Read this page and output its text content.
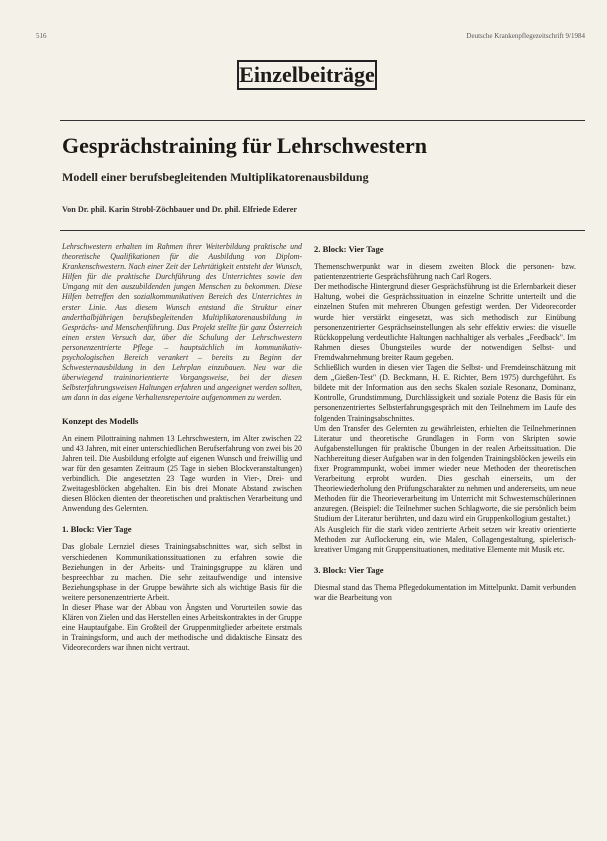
516	Deutsche Krankenpflegezeitschrift 9/1984
Einzelbeiträge
Gesprächstraining für Lehrschwestern
Modell einer berufsbegleitenden Multiplikatorenausbildung
Von Dr. phil. Karin Strobl-Zöchbauer und Dr. phil. Elfriede Ederer

Lehrschwestern erhalten im Rahmen ihrer Weiterbildung praktische und theoretische Qualifikationen für die Ausbildung von Diplom-Krankenschwestern. Nach einer Zeit der Lehrtätigkeit entsteht der Wunsch, Hilfen für die praktische Durchführung des Unterrichtes sowie den Umgang mit den auszubildenden jungen Menschen zu bekommen. Diese Hilfen betreffen den sozialkommunikativen Bereich des Unterrichtes in erster Linie. Aus diesem Wunsch entstand die Struktur einer anderthalbjährigen berufsbegleitenden Multiplikatorenausbildung in Gesprächs- und Menschenführung. Das Projekt stellte für ganz Österreich einen ersten Versuch dar, über die Schulung der Lehrschwestern personenzentrierte Pflege – hauptsächlich im kommunikativ-psychologischen Bereich verankert – bereits zu Beginn der Schwesternausbildung in den Lehrplan einzubauen. Neu war die überwiegend traininorientierte Vorgangsweise, bei der diesen Selbsterfahrungsweisen Haltungen erfahren und angeeignet werden sollten, um dann in das eigene Verhaltensrepertoire aufgenommen zu werden.

Konzept des Modells

An einem Pilottraining nahmen 13 Lehrschwestern, im Alter zwischen 22 und 43 Jahren, mit einer unterschiedlichen Berufserfahrung von zwei bis 20 Jahren teil. Die Ausbildung erfolgte auf eigenen Wunsch und freiwillig und war für den gesamten Zeitraum (25 Tage in sieben Blockveranstaltungen) verbindlich. Die angesetzten 23 Tage wurden in Vier-, Drei- und Zweitagesblöcken abgehalten. Ein bis drei Monate Abstand zwischen diesen Blöcken dienten der theoretischen und praktischen Verarbeitung und Anwendung des Gelernten.

1. Block: Vier Tage

Das globale Lernziel dieses Trainingsabschnittes war, sich selbst in verschiedenen Kommunikationssituationen zu erfahren sowie die Beziehungen in der Arbeits- und Trainingsgruppe zu klären und bespreechbar zu machen. Die sehr zeitaufwendige und intensive Beziehungsphase in der Gruppe bewährte sich als wichtige Basis für die weitere personenzentrierte Arbeit.

In dieser Phase war der Abbau von Ängsten und Vorurteilen sowie das Klären von Zielen und das Herstellen eines Arbeitskontraktes in der Gruppe eine Hauptaufgabe. Ein Großteil der Gruppenmitglieder arbeitete erstmals in Trainingsform, und auch der methodische und didaktische Einsatz des Videorecorders war ihnen nicht vertraut.

2. Block: Vier Tage

Themenschwerpunkt war in diesem zweiten Block die personen- bzw. patientenzentrierte Gesprächsführung nach Carl Rogers.

Der methodische Hintergrund dieser Gesprächsführung ist die Erlernbarkeit dieser Haltung, wobei die Gesprächssituation in einzelne Schritte unterteilt und die einzelnen Stufen mit mehreren Übungen gefestigt werden. Der Videorecorder wurde hier verstärkt eingesetzt, was sich methodisch zur Einübung personenzentrierter Gesprächseinstellungen als sehr effektiv erwies: die visuelle Rückkoppelung verdeutlichte Haltungen nachhaltiger als verbales „Feedback". Im Rahmen dieses Übungsteiles wurde der notwendigen Selbst- und Fremdwahrnehmung breiter Raum gegeben.

Schließlich wurden in diesen vier Tagen die Selbst- und Fremdeinschätzung mit dem „Gießen-Test" (D. Beckmann, H. E. Richter, Bern 1975) durchgeführt. Es bildete mit der Information aus den sechs Skalen soziale Resonanz, Dominanz, Kontrolle, Grundstimmung, Durchlässigkeit und soziale Potenz die Basis für ein personenzentriertes Selbsterfahrungsgespräch mit den Teilnehmern im Laufe des folgenden Trainingsabschnittes.

Um den Transfer des Gelernten zu gewährleisten, erhielten die Teilnehmerinnen Literatur und theoretische Grundlagen in Form von Skripten sowie Aufgabenstellungen für praktische Übungen in der realen Arbeitssituation. Die Nachbereitung dieser Aufgaben war in den folgenden Trainingsblöcken jeweils ein fixer Programmpunkt, wobei immer wieder neue Methoden der theoretischen Verarbeitung erprobt wurden. Dies geschah einerseits, um der Theoriewiederholung den Prüfungscharakter zu nehmen und andererseits, um neue Methoden für die Theorieverarbeitung im Unterricht mit Schwesternschülerinnen anzuregen. (Beispiel: die Teilnehmer suchen Schlagworte, die sie persönlich beim Studium der Literatur berührten, und dazu wird ein Gruppenkollogium gestaltet.)

Als Ausgleich für die stark video zentrierte Arbeit setzen wir kreativ orientierte Methoden zur Auflockerung ein, wie Malen, Collagengestaltung, spielerisch-kreativer Umgang mit Gruppensituationen, meditative Elemente mit Musik etc.

3. Block: Vier Tage

Diesmal stand das Thema Pflegedokumentation im Mittelpunkt. Damit verbunden war die Bearbeitung von
